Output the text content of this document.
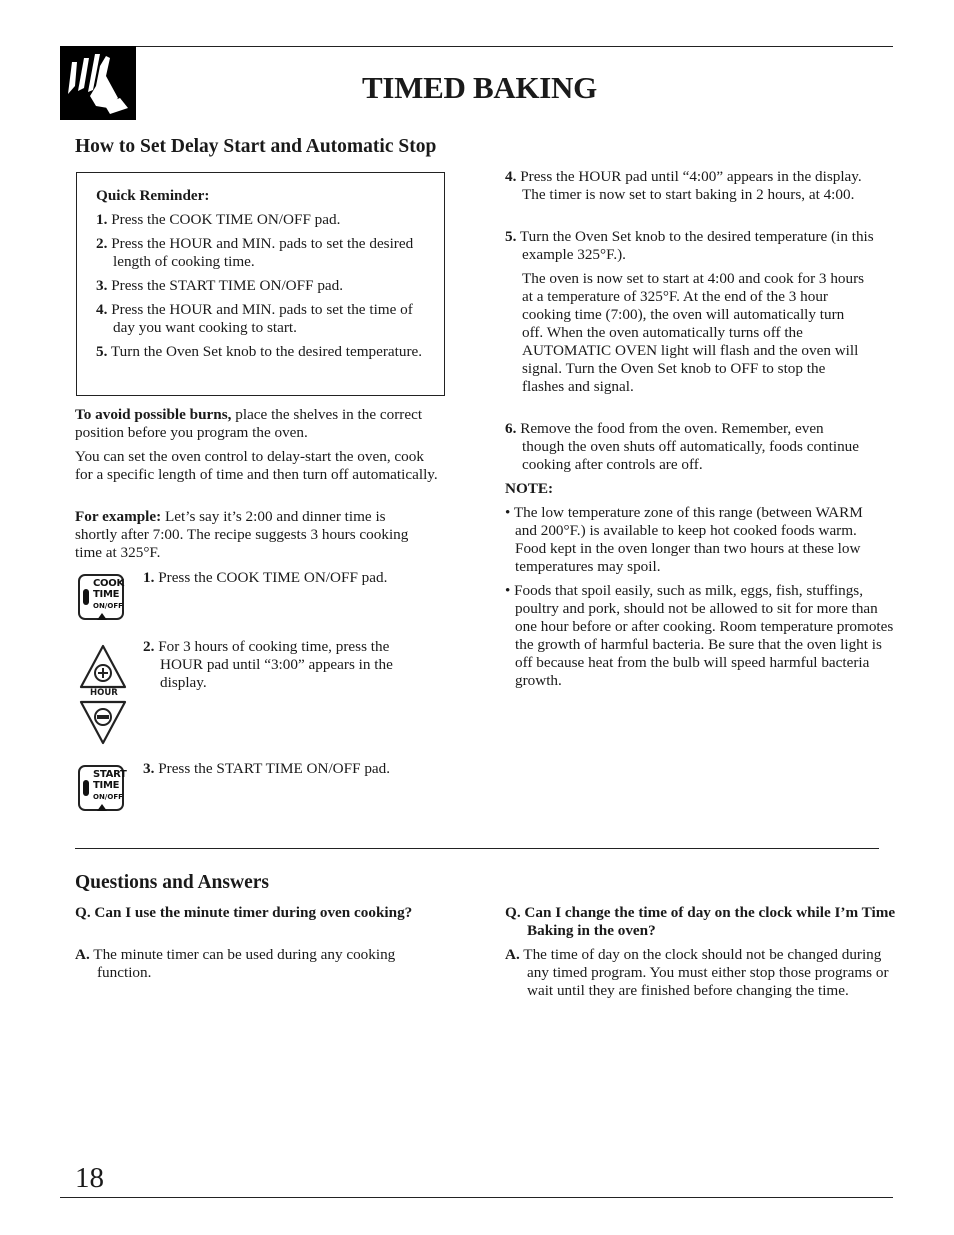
TIMED BAKING
How to Set Delay Start and Automatic Stop
Quick Reminder:
1. Press the COOK TIME ON/OFF pad.
2. Press the HOUR and MIN. pads to set the desired length of cooking time.
3. Press the START TIME ON/OFF pad.
4. Press the HOUR and MIN. pads to set the time of day you want cooking to start.
5. Turn the Oven Set knob to the desired temperature.
To avoid possible burns, place the shelves in the correct position before you program the oven.
You can set the oven control to delay-start the oven, cook for a specific length of time and then turn off automatically.
For example: Let’s say it’s 2:00 and dinner time is shortly after 7:00. The recipe suggests 3 hours cooking time at 325°F.
COOK
TIME
ON/OFF
1. Press the COOK TIME ON/OFF pad.
HOUR
2. For 3 hours of cooking time, press the HOUR pad until “3:00” appears in the display.
START
TIME
ON/OFF
3. Press the START TIME ON/OFF pad.
4. Press the HOUR pad until “4:00” appears in the display. The timer is now set to start baking in 2 hours, at 4:00.
5. Turn the Oven Set knob to the desired temperature (in this example 325°F.).
The oven is now set to start at 4:00 and cook for 3 hours at a temperature of 325°F. At the end of the 3 hour cooking time (7:00), the oven will automatically turn off. When the oven automatically turns off the AUTOMATIC OVEN light will flash and the oven will signal. Turn the Oven Set knob to OFF to stop the flashes and signal.
6. Remove the food from the oven. Remember, even though the oven shuts off automatically, foods continue cooking after controls are off.
NOTE:
• The low temperature zone of this range (between WARM and 200°F.) is available to keep hot cooked foods warm. Food kept in the oven longer than two hours at these low temperatures may spoil.
• Foods that spoil easily, such as milk, eggs, fish, stuffings, poultry and pork, should not be allowed to sit for more than one hour before or after cooking. Room temperature promotes the growth of harmful bacteria. Be sure that the oven light is off because heat from the bulb will speed harmful bacteria growth.
Questions and Answers
Q. Can I use the minute timer during oven cooking?
A. The minute timer can be used during any cooking function.
Q. Can I change the time of day on the clock while I’m Time Baking in the oven?
A. The time of day on the clock should not be changed during any timed program. You must either stop those programs or wait until they are finished before changing the time.
18
